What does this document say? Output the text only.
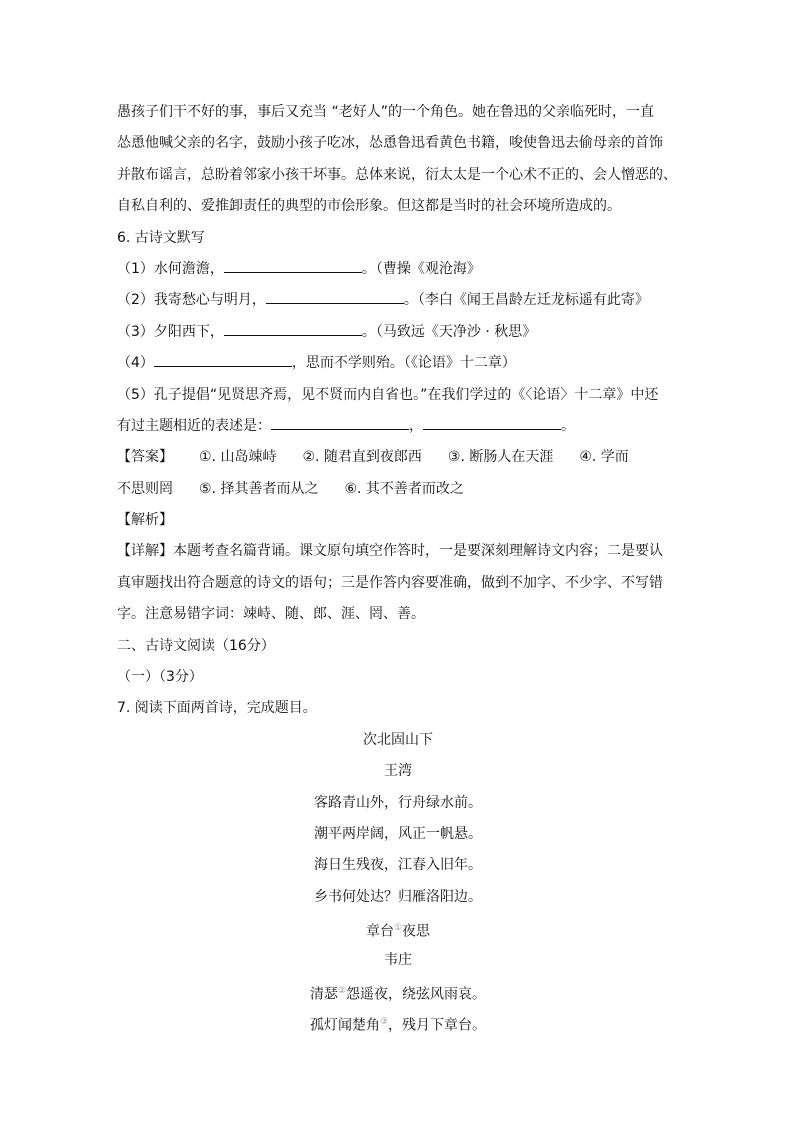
愚孩子们干不好的事，事后又充当 “老好人”的一个角色。她在鲁迅的父亲临死时，一直
怂恿他喊父亲的名字，鼓励小孩子吃冰，怂恿鲁迅看黄色书籍，唆使鲁迅去偷母亲的首饰
并散布谣言，总盼着邻家小孩干坏事。总体来说，衍太太是一个心术不正的、会人憎恶的、
自私自利的、爱推卸责任的典型的市侩形象。但这都是当时的社会环境所造成的。
6. 古诗文默写
（1）水何澹澹，	。（曹操《观沧海》
（2）我寄愁心与明月，	。（李白《闻王昌龄左迁龙标遥有此寄》
（3）夕阳西下，	。（马致远《天净沙 · 秋思》
（4）	，思而不学则殆。（《论语》十二章）
（5）孔子提倡“见贤思齐焉，见不贤而内自省也。”在我们学过的《〈论语〉十二章》中还
有过主题相近的表述是：	，	。
【答案】 ①. 山岛竦峙 ②. 随君直到夜郎西 ③. 断肠人在天涯 ④. 学而
不思则罔 ⑤. 择其善者而从之 ⑥. 其不善者而改之
【解析】
【详解】本题考查名篇背诵。课文原句填空作答时，一是要深刻理解诗文内容；二是要认
真审题找出符合题意的诗文的语句；三是作答内容要准确，做到不加字、不少字、不写错
字。注意易错字词：竦峙、随、郎、涯、罔、善。
二、古诗文阅读（16分）
（一）（3分）
7. 阅读下面两首诗，完成题目。
次北固山下
王湾
客路青山外，行舟绿水前。
潮平两岸阔，风正一帆悬。
海日生残夜，江春入旧年。
乡书何处达？归雁洛阳边。
章台①夜思
韦庄
清瑟②怨遥夜，绕弦风雨哀。
孤灯闻楚角③，残月下章台。
